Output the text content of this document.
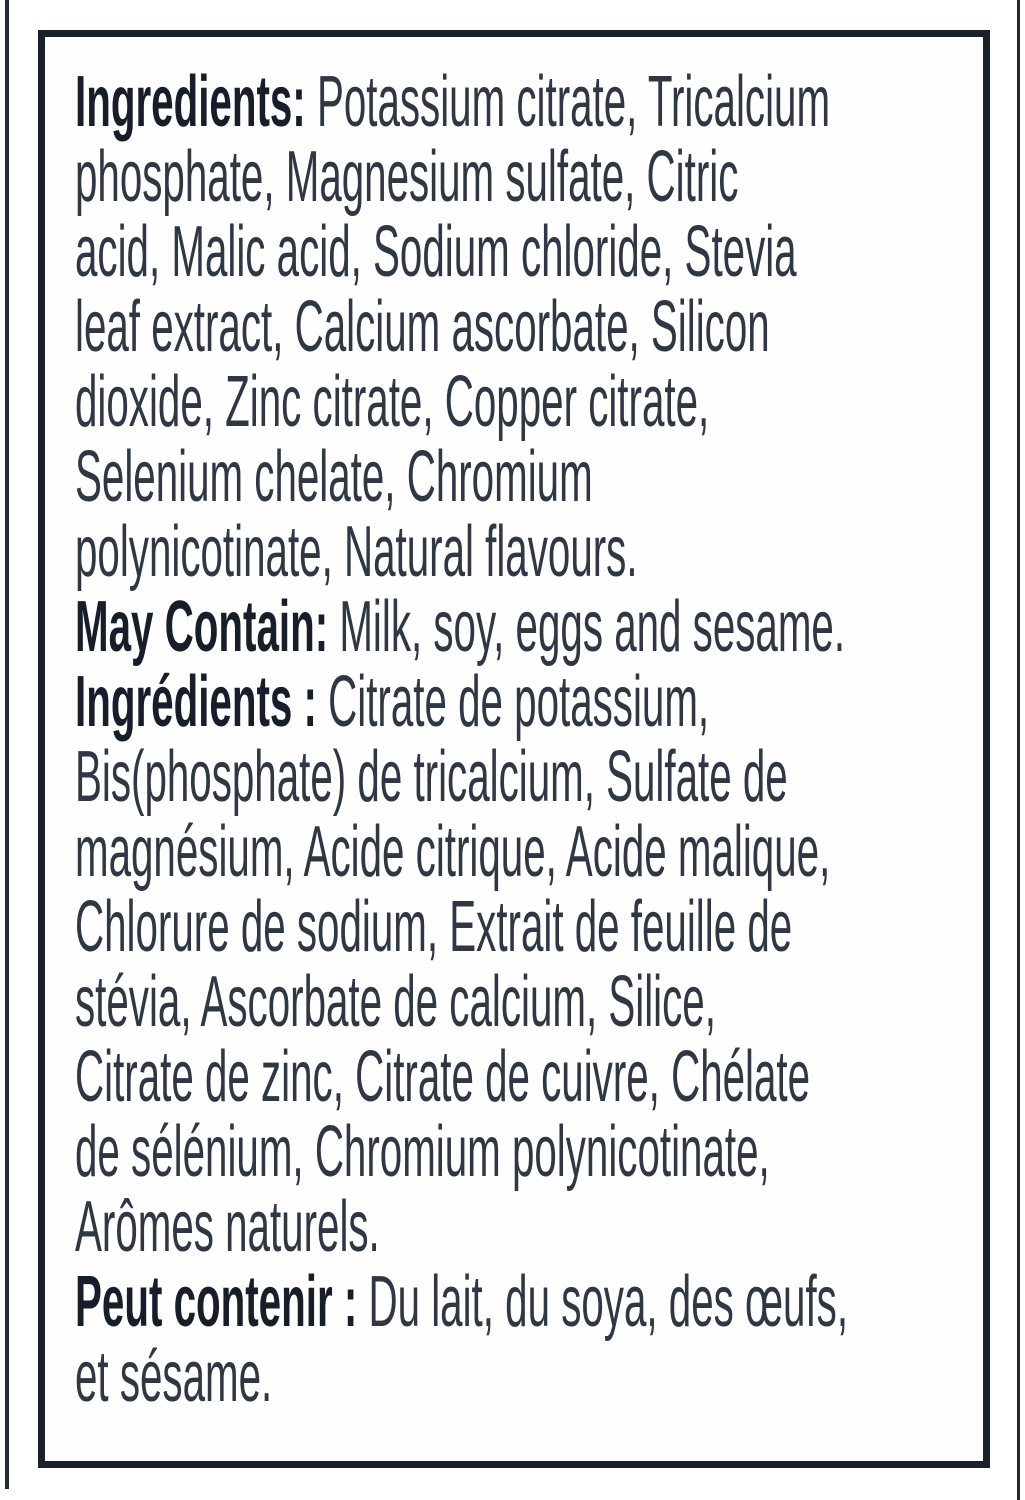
Ingredients: Potassium citrate, Tricalcium
phosphate, Magnesium sulfate, Citric
acid, Malic acid, Sodium chloride, Stevia
leaf extract, Calcium ascorbate, Silicon
dioxide, Zinc citrate, Copper citrate,
Selenium chelate, Chromium
polynicotinate, Natural flavours.
May Contain: Milk, soy, eggs and sesame.
Ingrédients : Citrate de potassium,
Bis(phosphate) de tricalcium, Sulfate de
magnésium, Acide citrique, Acide malique,
Chlorure de sodium, Extrait de feuille de
stévia, Ascorbate de calcium, Silice,
Citrate de zinc, Citrate de cuivre, Chélate
de sélénium, Chromium polynicotinate,
Arômes naturels.
Peut contenir : Du lait, du soya, des œufs,
et sésame.
